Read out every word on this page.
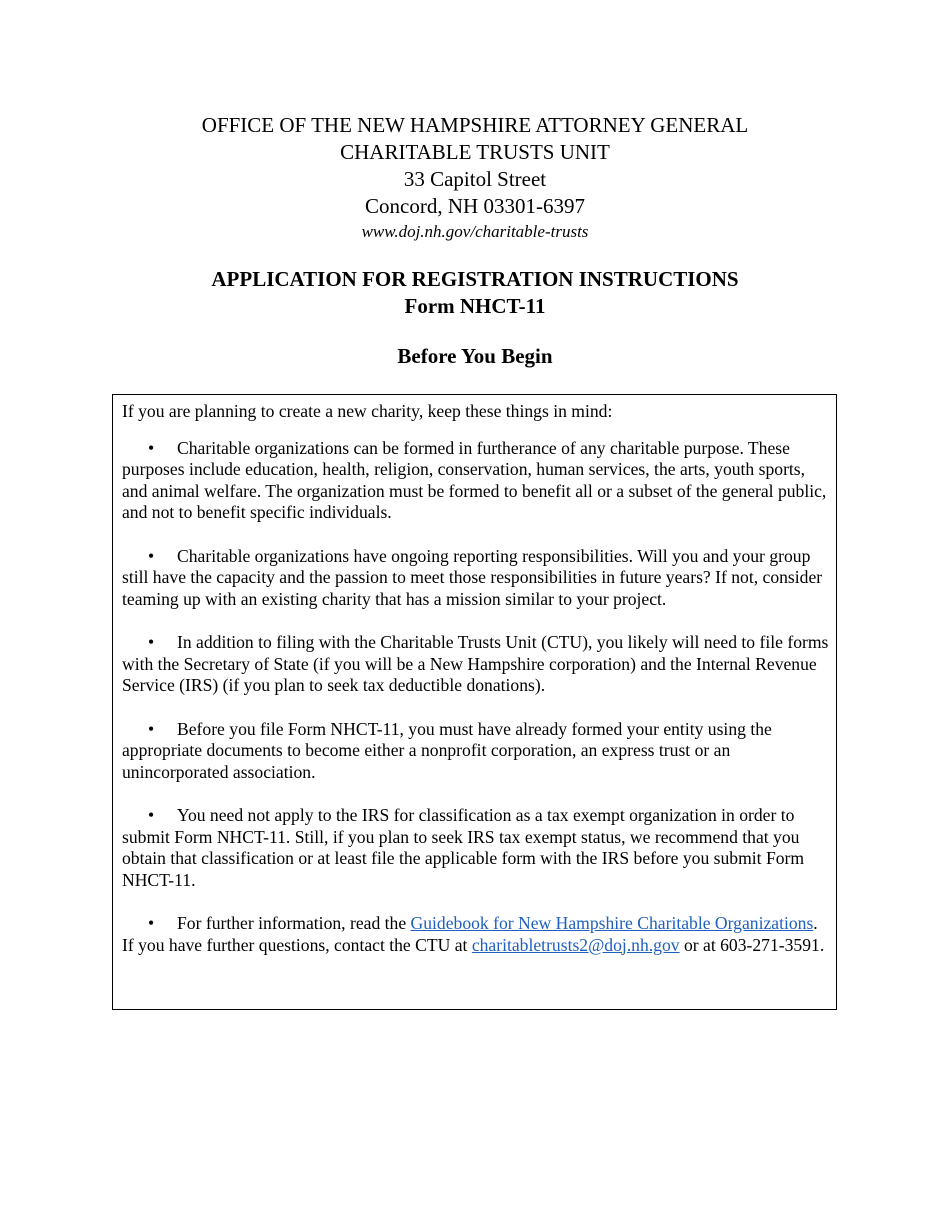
OFFICE OF THE NEW HAMPSHIRE ATTORNEY GENERAL

CHARITABLE TRUSTS UNIT

33 Capitol Street

Concord, NH 03301-6397

www.doj.nh.gov/charitable-trusts

APPLICATION FOR REGISTRATION INSTRUCTIONS

Form NHCT-11

Before You Begin

If you are planning to create a new charity, keep these things in mind:

• Charitable organizations can be formed in furtherance of any charitable purpose. These purposes include education, health, religion, conservation, human services, the arts, youth sports, and animal welfare. The organization must be formed to benefit all or a subset of the general public, and not to benefit specific individuals.

• Charitable organizations have ongoing reporting responsibilities. Will you and your group still have the capacity and the passion to meet those responsibilities in future years? If not, consider teaming up with an existing charity that has a mission similar to your project.

• In addition to filing with the Charitable Trusts Unit (CTU), you likely will need to file forms with the Secretary of State (if you will be a New Hampshire corporation) and the Internal Revenue Service (IRS) (if you plan to seek tax deductible donations).

• Before you file Form NHCT-11, you must have already formed your entity using the appropriate documents to become either a nonprofit corporation, an express trust or an unincorporated association.

• You need not apply to the IRS for classification as a tax exempt organization in order to submit Form NHCT-11. Still, if you plan to seek IRS tax exempt status, we recommend that you obtain that classification or at least file the applicable form with the IRS before you submit Form NHCT-11.

• For further information, read the Guidebook for New Hampshire Charitable Organizations. If you have further questions, contact the CTU at charitabletrusts2@doj.nh.gov or at 603-271-3591.
